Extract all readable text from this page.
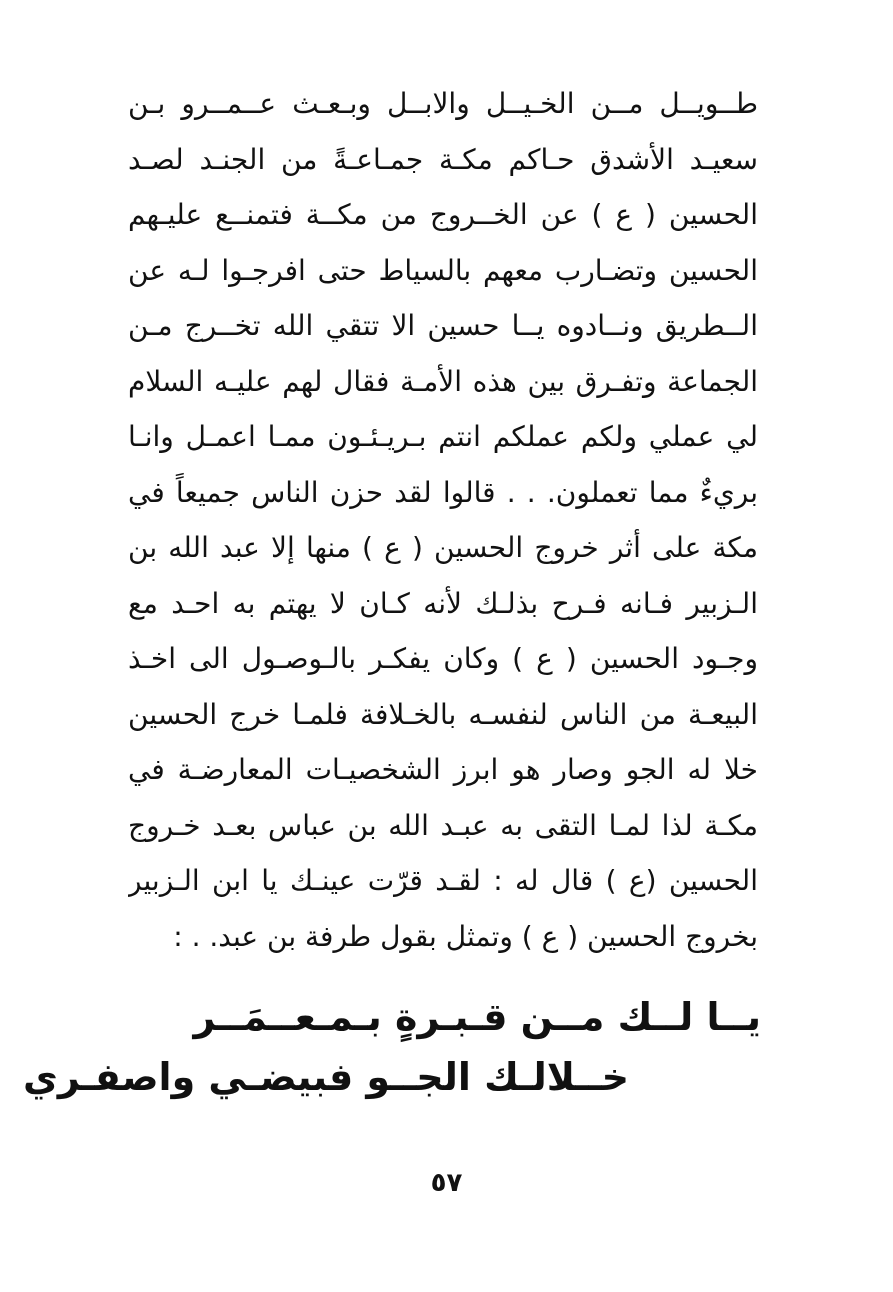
طــويــل مــن الخـيــل والابــل وبـعـث عــمــرو بـن
سعيـد الأشدق حـاكم مكـة جمـاعـةً من الجنـد لصـد
الحسين ( ع ) عن الخــروج من مكــة فتمنــع عليـهم
الحسين وتضـارب معهم بالسياط حتى افرجـوا لـه عن
الــطريق ونــادوه يــا حسين الا تتقي الله تخــرج مـن
الجماعة وتفـرق بين هذه الأمـة فقال لهم عليـه السلام
لي عملي ولكم عملكم انتم بـريـئـون ممـا اعمـل وانـا
بريءٌ مما تعملون. . . قالوا لقد حزن الناس جميعاً في
مكة على أثر خروج الحسين ( ع ) منها إلا عبد الله بن
الـزبير فـانه فـرح بذلـك لأنه كـان لا يهتم به احـد مع
وجـود الحسين ( ع ) وكان يفكـر بالـوصـول الى اخـذ
البيعـة من الناس لنفسـه بالخـلافة فلمـا خرج الحسين
خلا له الجو وصار هو ابرز الشخصيـات المعارضـة في
مكـة لذا لمـا التقى به عبـد الله بن عباس بعـد خـروج
الحسين (ع ) قال له : لقـد قرّت عينـك يا ابن الـزبير
بخروج الحسين ( ع ) وتمثل بقول طرفة بن عبد. . :
يــا لــك مــن قـبـرةٍ بـمـعــمَــر
خــلالـك الجــو فبيضـي واصفـري
٥٧
